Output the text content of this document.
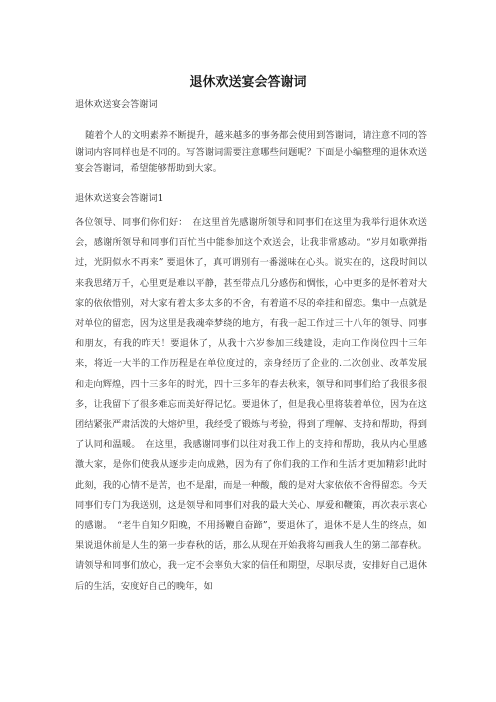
退休欢送宴会答谢词
退休欢送宴会答谢词
随着个人的文明素养不断提升，越来越多的事务都会使用到答谢词，请注意不同的答谢词内容同样也是不同的。写答谢词需要注意哪些问题呢？下面是小编整理的退休欢送宴会答谢词，希望能够帮助到大家。
退休欢送宴会答谢词1

各位领导、同事们你们好：　在这里首先感谢所领导和同事们在这里为我举行退休欢送会，感谢所领导和同事们百忙当中能参加这个欢送会，让我非常感动。“岁月如歌弹指过，光阴似水不再来” 要退休了，真可谓别有一番滋味在心头。说实在的，这段时间以来我思绪万千，心里更是难以平静，甚至带点几分感伤和惆怅，心中更多的是怀着对大家的依依惜别，对大家有着太多太多的不舍，有着道不尽的牵挂和留恋。集中一点就是对单位的留恋，因为这里是我魂牵梦绕的地方，有我一起工作过三十八年的领导、同事和朋友，有我的昨天！要退休了，从我十六岁参加三线建设，走向工作岗位四十三年来，将近一大半的工作历程是在单位度过的，亲身经历了企业的.二次创业、改革发展和走向辉煌，四十三多年的时光，四十三多年的春去秋来，领导和同事们给了我很多很多，让我留下了很多难忘而美好得记忆。要退休了，但是我心里将装着单位，因为在这团结紧张严肃活泼的大熔炉里，我经受了锻炼与考验，得到了理解、支持和帮助，得到了认同和温暖。　在这里，我感谢同事们以往对我工作上的支持和帮助，我从内心里感激大家，是你们使我从逐步走向成熟，因为有了你们我的工作和生活才更加精彩!此时此刻，我的心情不是苦，也不是甜，而是一种酸，酸的是对大家依依不舍得留恋。今天同事们专门为我送别，这是领导和同事们对我的最大关心、厚爱和鞭策，再次表示衷心的感谢。　“老牛自知夕阳晚，不用扬鞭自奋蹄”，要退休了，退休不是人生的终点，如果说退休前是人生的第一步春秋的话，那么从现在开始我将勾画我人生的第二部春秋。请领导和同事们放心，我一定不会辜负大家的信任和期望，尽职尽责，安排好自己退休后的生活，安度好自己的晚年，如
